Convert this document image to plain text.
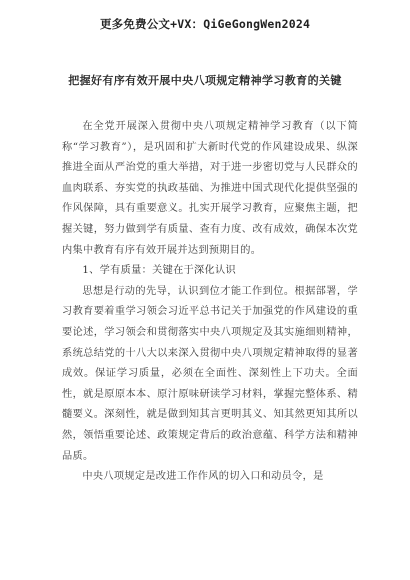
更多免费公文+VX：QiGeGongWen2024
把握好有序有效开展中央八项规定精神学习教育的关键

在全党开展深入贯彻中央八项规定精神学习教育（以下简称“学习教育”），是巩固和扩大新时代党的作风建设成果、纵深推进全面从严治党的重大举措，对于进一步密切党与人民群众的血肉联系、夯实党的执政基础、为推进中国式现代化提供坚强的作风保障，具有重要意义。扎实开展学习教育，应聚焦主题，把握关键，努力做到学有质量、查有力度、改有成效，确保本次党内集中教育有序有效开展并达到预期目的。

1、学有质量：关键在于深化认识

思想是行动的先导，认识到位才能工作到位。根据部署，学习教育要着重学习领会习近平总书记关于加强党的作风建设的重要论述，学习领会和贯彻落实中央八项规定及其实施细则精神，系统总结党的十八大以来深入贯彻中央八项规定精神取得的显著成效。保证学习质量，必须在全面性、深刻性上下功夫。全面性，就是原原本本、原汁原味研读学习材料，掌握完整体系、精髓要义。深刻性，就是做到知其言更明其义、知其然更知其所以然，领悟重要论述、政策规定背后的政治意蕴、科学方法和精神品质。

中央八项规定是改进工作作风的切入口和动员令，是
